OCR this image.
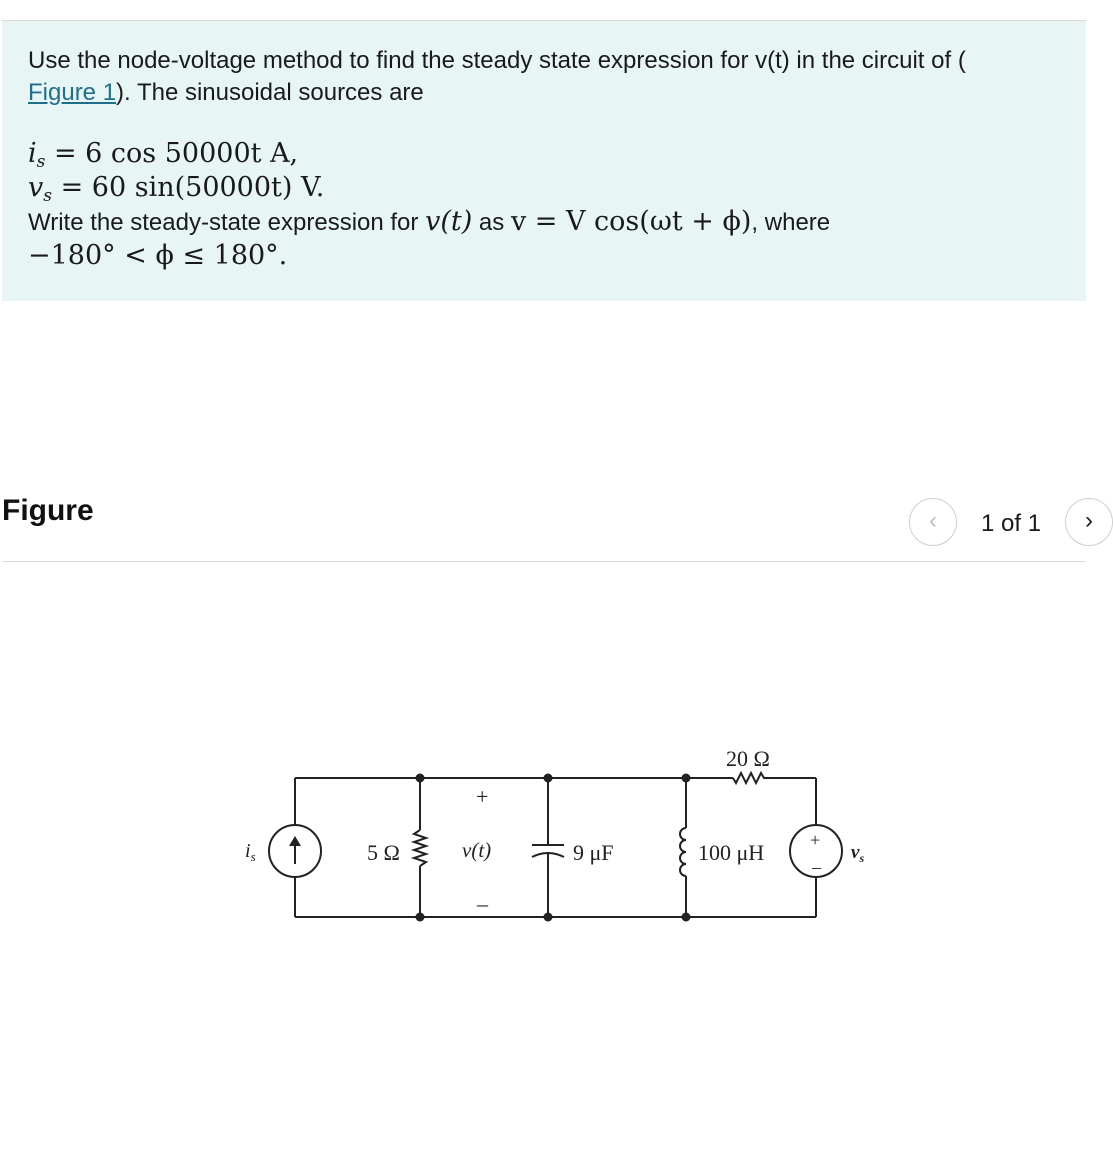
Use the node-voltage method to find the steady state expression for v(t) in the circuit of (
Figure 1). The sinusoidal sources are
$i_s = 6$ cos 50000t A,
$v_s = 60$ sin(50000t) V.
Write the steady-state expression for v(t) as v = V cos(ωt + ϕ), where
−180° < ϕ ≤ 180°.
Figure	‹	1 of 1	›
$i_s$	5 Ω
+
v(t)
–
9 μF
20 Ω
100 μH	+
–
$v_s$
